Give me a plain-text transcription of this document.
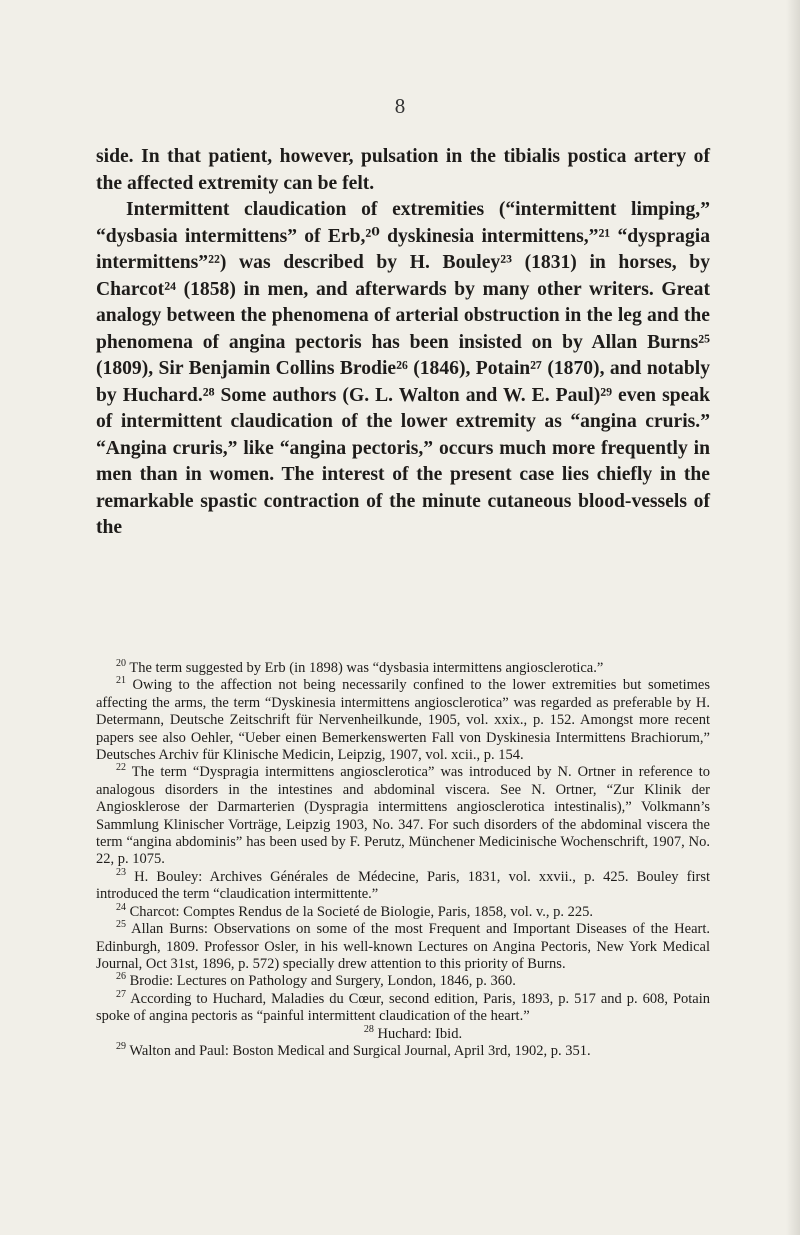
8

side. In that patient, however, pulsation in the tibialis postica artery of the affected extremity can be felt.

Intermittent claudication of extremities (“intermittent limping,” “dysbasia intermittens” of Erb,²⁰ dyskinesia intermittens,”²¹ “dyspragia intermittens”²²) was described by H. Bouley²³ (1831) in horses, by Charcot²⁴ (1858) in men, and afterwards by many other writers. Great analogy between the phenomena of arterial obstruction in the leg and the phenomena of angina pectoris has been insisted on by Allan Burns²⁵ (1809), Sir Benjamin Collins Brodie²⁶ (1846), Potain²⁷ (1870), and notably by Huchard.²⁸ Some authors (G. L. Walton and W. E. Paul)²⁹ even speak of intermittent claudication of the lower extremity as “angina cruris.” “Angina cruris,” like “angina pectoris,” occurs much more frequently in men than in women. The interest of the present case lies chiefly in the remarkable spastic contraction of the minute cutaneous blood-vessels of the

$^{20}$ The term suggested by Erb (in 1898) was “dysbasia intermittens angiosclerotica.”

$^{21}$ Owing to the affection not being necessarily confined to the lower extremities but sometimes affecting the arms, the term “Dyskinesia intermittens angiosclerotica” was regarded as preferable by H. Determann, Deutsche Zeitschrift für Nervenheilkunde, 1905, vol. xxix., p. 152. Amongst more recent papers see also Oehler, “Ueber einen Bemerkenswerten Fall von Dyskinesia Intermittens Brachiorum,” Deutsches Archiv für Klinische Medicin, Leipzig, 1907, vol. xcii., p. 154.

$^{22}$ The term “Dyspragia intermittens angiosclerotica” was introduced by N. Ortner in reference to analogous disorders in the intestines and abdominal viscera. See N. Ortner, “Zur Klinik der Angiosklerose der Darmarterien (Dyspragia intermittens angiosclerotica intestinalis),” Volkmann’s Sammlung Klinischer Vorträge, Leipzig 1903, No. 347. For such disorders of the abdominal viscera the term “angina abdominis” has been used by F. Perutz, Münchener Medicinische Wochenschrift, 1907, No. 22, p. 1075.

$^{23}$ H. Bouley: Archives Générales de Médecine, Paris, 1831, vol. xxvii., p. 425. Bouley first introduced the term “claudication intermittente.”

$^{24}$ Charcot: Comptes Rendus de la Societé de Biologie, Paris, 1858, vol. v., p. 225.

$^{25}$ Allan Burns: Observations on some of the most Frequent and Important Diseases of the Heart. Edinburgh, 1809. Professor Osler, in his well-known Lectures on Angina Pectoris, New York Medical Journal, Oct 31st, 1896, p. 572) specially drew attention to this priority of Burns.

$^{26}$ Brodie: Lectures on Pathology and Surgery, London, 1846, p. 360.

$^{27}$ According to Huchard, Maladies du Cœur, second edition, Paris, 1893, p. 517 and p. 608, Potain spoke of angina pectoris as “painful intermittent claudication of the heart.”

$^{28}$ Huchard: Ibid.

$^{29}$ Walton and Paul: Boston Medical and Surgical Journal, April 3rd, 1902, p. 351.
